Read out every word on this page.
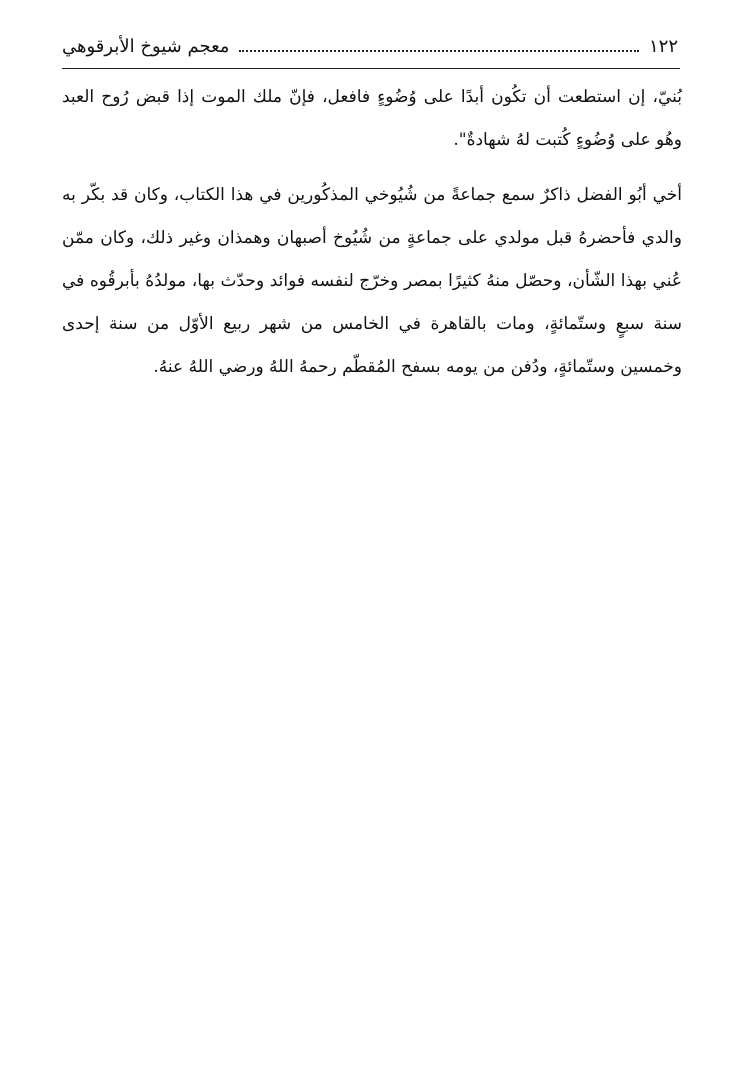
١٢٢
معجم شيوخ الأبرقوهي

بُنيّ، إن استطعت أن تكُون أبدًا على وُضُوءٍ فافعل، فإنّ ملك الموت إذا قبض رُوح العبد وهُو على وُضُوءٍ كُتبت لهُ شهادةٌ".

أخي أبُو الفضل ذاكرٌ سمع جماعةً من شُيُوخي المذكُورين في هذا الكتاب، وكان قد بكّر به والدي فأحضرهُ قبل مولدي على جماعةٍ من شُيُوخ أصبهان وهمذان وغير ذلك، وكان ممّن عُني بهذا الشّأن، وحصّل منهُ كثيرًا بمصر وخرّج لنفسه فوائد وحدّث بها، مولدُهُ بأبرقُوه في سنة سبعٍ وستّمائةٍ، ومات بالقاهرة في الخامس من شهر ربيع الأوّل من سنة إحدى وخمسين وستّمائةٍ، ودُفن من يومه بسفح المُقطّم رحمهُ اللهُ ورضي اللهُ عنهُ.
